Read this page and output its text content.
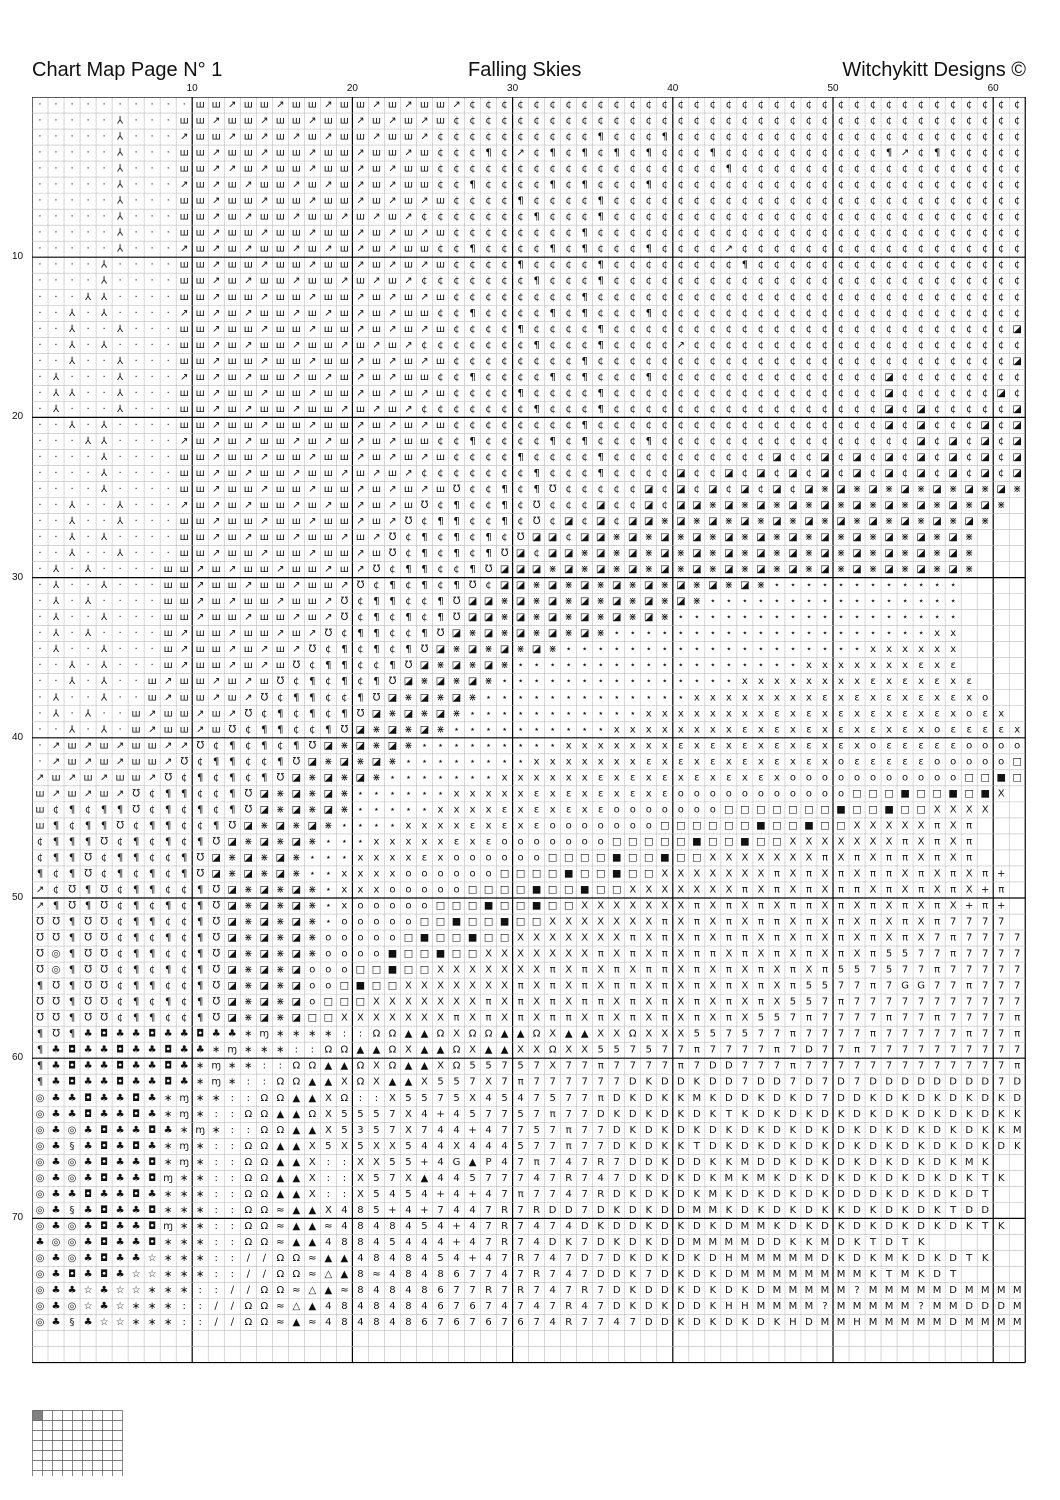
Chart Map Page N° 1	Falling Skies	Witchykitt Designs ©
10	20	30	40	50	60
10
20
30
40
50
60
70
· · · · · · · · · · ш ш ↗ ш ш ↗ ш ш ↗ ш ш ↗ ш ↗ ш ш ↗ ¢ ¢ ¢ ¢ ¢ ¢ ¢ ¢ ¢ ¢ ¢ ¢ ¢ ¢ ¢ ¢ ¢ ¢ ¢ ¢ ¢ ¢ ¢ ¢ ¢ ¢ ¢ ¢ ¢ ¢ ¢ ¢ ¢ ¢ ¢
· · · · · ⅄ · · · ш ш ↗ ш ш ↗ ш ш ↗ ш ш ↗ ш ↗ ш ↗ ш ¢ ¢ ¢ ¢ ¢ ¢ ¢ ¢ ¢ ¢ ¢ ¢ ¢ ¢ ¢ ¢ ¢ ¢ ¢ ¢ ¢ ¢ ¢ ¢ ¢ ¢ ¢ ¢ ¢ ¢ ¢ ¢ ¢ ¢ ¢ ¢
· · · · · ⅄ · · · ↗ ш ш ↗ ш ↗ ш ↗ ш ↗ ш ш ↗ ш ш ↗ ¢ ¢ ¢ ¢ ¢ ¢ ¢ ¢ ¢ ¢ ¶ ¢ ¢ ¢ ¶ ¢ ¢ ¢ ¢ ¢ ¢ ¢ ¢ ¢ ¢ ¢ ¢ ¢ ¢ ¢ ¢ ¢ ¢ ¢ ¢ ¢ ¢
· · · · · ⅄ · · · ш ш ↗ ш ш ↗ ш ш ↗ ш ш ↗ ш ш ↗ ш ¢ ¢ ¢ ¶ ¢ ↗ ¢ ¶ ¢ ¶ ¢ ¶ ¢ ¶ ¢ ¢ ¢ ¶ ¢ ¢ ¢ ¢ ¢ ¢ ¢ ¢ ¢ ¢ ¶ ↗ ¢ ¶ ¢ ¢ ¢ ¢ ¢
· · · · · ⅄ · · · ш ш ↗ ↗ ш ↗ ш ш ↗ ш ш ↗ ш ↗ ш ш ¢ ¢ ¢ ¢ ¢ ¢ ¢ ¢ ¢ ¢ ¢ ¢ ¢ ¢ ¢ ¢ ¢ ¢ ¶ ¢ ¢ ¢ ¢ ¢ ¢ ¢ ¢ ¢ ¢ ¢ ¢ ¢ ¢ ¢ ¢ ¢ ¢
· · · · · ⅄ · · · ↗ ш ↗ ш ↗ ш ш ↗ ш ↗ ш ↗ ш ↗ ш ш ¢ ¢ ¶ ¢ ¢ ¢ ¢ ¶ ¢ ¶ ¢ ¢ ¢ ¶ ¢ ¢ ¢ ¢ ¢ ¢ ¢ ¢ ¢ ¢ ¢ ¢ ¢ ¢ ¢ ¢ ¢ ¢ ¢ ¢ ¢ ¢ ¢
· · · · · ⅄ · · · ш ш ↗ ш ш ↗ ш ш ↗ ш ш ↗ ш ↗ ш ↗ ш ¢ ¢ ¢ ¢ ¶ ¢ ¢ ¢ ¢ ¶ ¢ ¢ ¢ ¢ ¢ ¢ ¢ ¢ ¢ ¢ ¢ ¢ ¢ ¢ ¢ ¢ ¢ ¢ ¢ ¢ ¢ ¢ ¢ ¢ ¢ ¢
· · · · · ⅄ · · · ш ш ↗ ш ↗ ш ш ↗ ш ш ↗ ш ↗ ш ↗ ¢ ¢ ¢ ¢ ¢ ¢ ¢ ¶ ¢ ¢ ¢ ¶ ¢ ¢ ¢ ¢ ¢ ¢ ¢ ¢ ¢ ¢ ¢ ¢ ¢ ¢ ¢ ¢ ¢ ¢ ¢ ¢ ¢ ¢ ¢ ¢ ¢ ¢
· · · · · ⅄ · · · ш ш ↗ ш ш ↗ ш ш ↗ ш ш ↗ ш ↗ ш ↗ ш ¢ ¢ ¢ ¢ ¢ ¢ ¢ ¢ ¶ ¢ ¢ ¢ ¢ ¢ ¢ ¢ ¢ ¢ ¢ ¢ ¢ ¢ ¢ ¢ ¢ ¢ ¢ ¢ ¢ ¢ ¢ ¢ ¢ ¢ ¢ ¢
· · · · · ⅄ · · · ↗ ш ↗ ш ↗ ш ш ↗ ш ↗ ш ↗ ш ↗ ш ш ¢ ¢ ¶ ¢ ¢ ¢ ¢ ¶ ¢ ¶ ¢ ¢ ¢ ¶ ¢ ¢ ¢ ¢ ↗ ¢ ¢ ¢ ¢ ¢ ¢ ¢ ¢ ¢ ¢ ¢ ¢ ¢ ¢ ¢ ¢ ¢ ¢
· · · · ⅄ · · · · ш ш ↗ ш ш ↗ ш ш ↗ ш ш ↗ ш ↗ ш ↗ ш ¢ ¢ ¢ ¢ ¶ ¢ ¢ ¢ ¢ ¶ ¢ ¢ ¢ ¢ ¢ ¢ ¢ ¢ ¶ ¢ ¢ ¢ ¢ ¢ ¢ ¢ ¢ ¢ ¢ ¢ ¢ ¢ ¢ ¢ ¢ ¢
· · · · ⅄ · · · · ш ш ↗ ш ↗ ш ш ↗ ш ш ↗ ш ↗ ш ↗ ¢ ¢ ¢ ¢ ¢ ¢ ¢ ¶ ¢ ¢ ¢ ¶ ¢ ¢ ¢ ¢ ¢ ¢ ¢ ¢ ¢ ¢ ¢ ¢ ¢ ¢ ¢ ¢ ¢ ¢ ¢ ¢ ¢ ¢ ¢ ¢ ¢ ¢
· · · ⅄ ⅄ · · · · ш ш ↗ ш ш ↗ ш ш ↗ ш ш ↗ ш ↗ ш ↗ ш ¢ ¢ ¢ ¢ ¢ ¢ ¢ ¢ ¶ ¢ ¢ ¢ ¢ ¢ ¢ ¢ ¢ ¢ ¢ ¢ ¢ ¢ ¢ ¢ ¢ ¢ ¢ ¢ ¢ ¢ ¢ ¢ ¢ ¢ ¢ ¢
· · ⅄ · ⅄ · · · · ↗ ш ↗ ш ↗ ш ш ↗ ш ↗ ш ↗ ш ↗ ш ш ¢ ¢ ¶ ¢ ¢ ¢ ¢ ¶ ¢ ¶ ¢ ¢ ¢ ¶ ¢ ¢ ¢ ¢ ¢ ¢ ¢ ¢ ¢ ¢ ¢ ¢ ¢ ¢ ¢ ¢ ¢ ¢ ¢ ¢ ¢ ¢ ¢
· · ⅄ · · ⅄ · · · ш ш ↗ ш ш ↗ ш ш ↗ ш ш ↗ ш ↗ ш ↗ ш ¢ ¢ ¢ ¢ ¶ ¢ ¢ ¢ ¢ ¶ ¢ ¢ ¢ ¢ ¢ ¢ ¢ ¢ ¢ ¢ ¢ ¢ ¢ ¢ ¢ ¢ ¢ ¢ ¢ ¢ ¢ ¢ ¢ ¢ ¢ ◪
· · ⅄ · ⅄ · · · · ш ш ↗ ш ↗ ш ш ↗ ш ш ↗ ш ↗ ш ↗ ¢ ¢ ¢ ¢ ¢ ¢ ¢ ¶ ¢ ¢ ¢ ¶ ¢ ¢ ¢ ¢ ↗ ¢ ¢ ¢ ¢ ¢ ¢ ¢ ¢ ¢ ¢ ¢ ¢ ¢ ¢ ¢ ¢ ¢ ¢ ¢ ¢ ¢
· · ⅄ · · ⅄ · · · ш ш ↗ ш ш ↗ ш ш ↗ ш ш ↗ ш ↗ ш ↗ ш ¢ ¢ ¢ ¢ ¢ ¢ ¢ ¢ ¶ ¢ ¢ ¢ ¢ ¢ ¢ ¢ ¢ ¢ ¢ ¢ ¢ ¢ ¢ ¢ ¢ ¢ ¢ ¢ ¢ ¢ ¢ ¢ ¢ ¢ ¢ ◪
· ⅄ · · · ⅄ · · · ↗ ш ↗ ш ↗ ш ш ↗ ш ↗ ш ↗ ш ↗ ш ш ¢ ¢ ¶ ¢ ¢ ¢ ¢ ¶ ¢ ¶ ¢ ¢ ¢ ¶ ¢ ¢ ¢ ¢ ¢ ¢ ¢ ¢ ¢ ¢ ¢ ¢ ¢ ¢ ◪ ¢ ¢ ¢ ¢ ¢ ¢ ¢ ¢
· ⅄ ⅄ · · ⅄ · · · ш ш ↗ ш ш ↗ ш ш ↗ ш ш ↗ ш ↗ ш ↗ ш ¢ ¢ ¢ ¢ ¶ ¢ ¢ ¢ ¢ ¶ ¢ ¢ ¢ ¢ ¢ ¢ ¢ ¢ ¢ ¢ ¢ ¢ ¢ ¢ ¢ ¢ ¢ ◪ ¢ ¢ ¢ ¢ ¢ ¢ ◪ ¢
· ⅄ · · · ⅄ · · · ш ш ↗ ш ↗ ш ш ↗ ш ш ↗ ш ↗ ш ↗ ¢ ¢ ¢ ¢ ¢ ¢ ¢ ¶ ¢ ¢ ¢ ¶ ¢ ¢ ¢ ¢ ¢ ¢ ¢ ¢ ¢ ¢ ¢ ¢ ¢ ¢ ¢ ¢ ¢ ◪ ¢ ◪ ¢ ¢ ¢ ¢ ¢ ◪
· · ⅄ · ⅄ · · · · ш ш ↗ ш ш ↗ ш ш ↗ ш ш ↗ ш ↗ ш ↗ ш ¢ ¢ ¢ ¢ ¢ ¢ ¢ ¢ ¶ ¢ ¢ ¢ ¢ ¢ ¢ ¢ ¢ ¢ ¢ ¢ ¢ ¢ ¢ ¢ ¢ ¢ ¢ ◪ ¢ ◪ ¢ ¢ ¢ ◪ ¢ ◪
· · · ⅄ ⅄ · · · · ↗ ш ↗ ш ↗ ш ш ↗ ш ↗ ш ↗ ш ↗ ш ш ¢ ¢ ¶ ¢ ¢ ¢ ¢ ¶ ¢ ¶ ¢ ¢ ¢ ¶ ¢ ¢ ¢ ¢ ¢ ¢ ¢ ¢ ¢ ¢ ¢ ¢ ¢ ¢ ¢ ¢ ◪ ¢ ◪ ¢ ◪ ¢ ◪
· · · · ⅄ · · · · ш ш ↗ ш ш ↗ ш ш ↗ ш ш ↗ ш ↗ ш ↗ ш ¢ ¢ ¢ ¢ ¶ ¢ ¢ ¢ ¢ ¶ ¢ ¢ ¢ ¢ ¢ ¢ ¢ ¢ ¢ ¢ ◪ ¢ ¢ ◪ ¢ ◪ ¢ ◪ ¢ ◪ ¢ ◪ ¢ ◪ ¢ ◪
· · · · ⅄ · · · · ш ш ↗ ш ↗ ш ш ↗ ш ш ↗ ш ↗ ш ↗ ¢ ¢ ¢ ¢ ¢ ¢ ¢ ¶ ¢ ¢ ¢ ¶ ¢ ¢ ¢ ¢ ◪ ¢ ¢ ◪ ¢ ◪ ¢ ◪ ¢ ◪ ¢ ◪ ¢ ◪ ¢ ◪ ¢ ◪ ¢ ◪ ¢ ◪
· · · · ⅄ · · · · ш ш ↗ ш ш ↗ ш ш ↗ ш ш ↗ ш ↗ ш ↗ ш ℧ ¢ ¢ ¶ ¢ ¶ ℧ ¢ ¢ ¢ ¢ ¢ ◪ ¢ ◪ ¢ ◪ ¢ ◪ ¢ ◪ ¢ ◪ ⋇ ◪ ⋇ ◪ ⋇ ◪ ⋇ ◪ ⋇ ◪ ⋇ ◪ ⋇
· · ⅄ · · ⅄ · · · ↗ ш ↗ ш ↗ ш ш ↗ ш ↗ ш ↗ ш ↗ ш ℧ ¢ ¶ ¢ ¢ ¶ ¢ ℧ ¢ ¢ ¢ ◪ ¢ ¢ ◪ ¢ ◪ ◪ ⋇ ◪ ⋇ ◪ ⋇ ◪ ⋇ ◪ ⋇ ◪ ⋇ ◪ ⋇ ◪ ⋇ ◪ ⋇ ◪ ⋇
· · ⅄ · · ⅄ · · · ш ш ↗ ш ш ↗ ш ш ↗ ш ш ↗ ш ↗ ℧ ¢ ¶ ¶ ¢ ¢ ¶ ¢ ℧ ¢ ◪ ¢ ◪ ¢ ◪ ◪ ⋇ ◪ ⋇ ◪ ⋇ ◪ ⋇ ◪ ⋇ ◪ ⋇ ◪ ⋇ ◪ ⋇ ◪ ⋇ ◪ ⋇ ◪ ⋇
· · ⅄ · ⅄ · · · · ш ш ↗ ш ↗ ш ш ↗ ш ш ↗ ш ↗ ℧ ¢ ¶ ¢ ¶ ¢ ¶ ¢ ℧ ◪ ◪ ¢ ◪ ◪ ⋇ ◪ ⋇ ◪ ⋇ ◪ ⋇ ◪ ⋇ ◪ ⋇ ◪ ⋇ ◪ ⋇ ◪ ⋇ ◪ ⋇ ◪ ⋇ ◪ ⋇
· · ⅄ · · ⅄ · · · ш ш ↗ ш ш ↗ ш ш ↗ ш ш ↗ ш ℧ ¢ ¶ ¢ ¶ ¢ ¶ ℧ ◪ ¢ ◪ ◪ ⋇ ◪ ⋇ ◪ ⋇ ◪ ⋇ ◪ ⋇ ◪ ⋇ ◪ ⋇ ◪ ⋇ ◪ ⋇ ◪ ⋇ ◪ ⋇ ◪ ⋇ ◪ ⋇
· ⅄ · ⅄ · · · · ш ш ↗ ш ↗ ш ш ↗ ш ш ↗ ш ↗ ℧ ¢ ¶ ¶ ¢ ¢ ¶ ℧ ◪ ◪ ◪ ⋇ ◪ ⋇ ◪ ⋇ ◪ ⋇ ◪ ⋇ ◪ ⋇ ◪ ⋇ ◪ ⋇ ◪ ⋇ ◪ ⋇ ◪ ⋇ ◪ ⋇ ◪ ⋇ ◪ ⋇
· ⅄ · · ⅄ · · · ш ш ↗ ш ш ↗ ш ш ↗ ш ш ↗ ℧ ¢ ¶ ¢ ¶ ¢ ¶ ℧ ¢ ◪ ◪ ⋇ ◪ ⋇ ◪ ⋇ ◪ ⋇ ◪ ⋇ ◪ ⋇ ◪ ⋇ ◪ ⋇ ⋆ ⋆ ⋆ ⋆ ⋆ ⋆ ⋆ ⋆ ⋆ ⋆ ⋆ ⋆
· ⅄ · ⅄ · · · · ш ш ↗ ш ↗ ш ш ↗ ш ш ↗ ℧ ¢ ¶ ¶ ¢ ¢ ¶ ℧ ◪ ◪ ⋇ ◪ ⋇ ◪ ⋇ ◪ ⋇ ◪ ⋇ ◪ ⋇ ◪ ⋇ ⋆ ⋆ ⋆ ⋆ ⋆ ⋆ ⋆ ⋆ ⋆ ⋆ ⋆ ⋆ ⋆ ⋆ ⋆ ⋆
· ⅄ · · ⅄ · · · ш ш ↗ ш ш ↗ ш ш ↗ ш ↗ ℧ ¢ ¶ ¢ ¶ ¢ ¶ ℧ ◪ ◪ ⋇ ◪ ⋇ ◪ ⋇ ◪ ⋇ ◪ ⋇ ◪ ⋇ ⋆ ⋆ ⋆ ⋆ ⋆ ⋆ ⋆ ⋆ ⋆ ⋆ ⋆ ⋆ ⋆ ⋆ ⋆ ⋆ ⋆ ⋆
· ⅄ · ⅄ · · · · ш ↗ ш ш ↗ ш ш ↗ ш ↗ ℧ ¢ ¶ ¶ ¢ ¢ ¶ ℧ ◪ ⋇ ◪ ⋇ ◪ ⋇ ◪ ⋇ ◪ ⋇ ⋆ ⋆ ⋆ ⋆ ⋆ ⋆ ⋆ ⋆ ⋆ ⋆ ⋆ ⋆ ⋆ ⋆ ⋆ ⋆ ⋆ ⋆ ⋆ ⋆ x x
· ⅄ · · ⅄ · · · ш ↗ ш ш ↗ ш ↗ ш ↗ ℧ ¢ ¶ ¢ ¶ ¢ ¶ ℧ ◪ ⋇ ◪ ⋇ ◪ ⋇ ◪ ⋇ ⋆ ⋆ ⋆ ⋆ ⋆ ⋆ ⋆ ⋆ ⋆ ⋆ ⋆ ⋆ ⋆ ⋆ ⋆ ⋆ ⋆ ⋆ ⋆ x x x x x x
· · ⅄ · ⅄ · · · ш ↗ ш ш ↗ ш ↗ ш ℧ ¢ ¶ ¶ ¢ ¢ ¶ ℧ ◪ ⋇ ◪ ⋇ ◪ ⋇ ⋆ ⋆ ⋆ ⋆ ⋆ ⋆ ⋆ ⋆ ⋆ ⋆ ⋆ ⋆ ⋆ ⋆ ⋆ ⋆ ⋆ ⋆ x x x x x x x ε x ε
· · ⅄ · ⅄ · · ш ↗ ш ш ↗ ш ↗ ш ℧ ¢ ¶ ¢ ¶ ¢ ¶ ℧ ◪ ⋇ ◪ ⋇ ◪ ⋇ ⋆ ⋆ ⋆ ⋆ ⋆ ⋆ ⋆ ⋆ ⋆ ⋆ ⋆ ⋆ ⋆ ⋆ ⋆ x x x x x x x x ε x ε x ε x ε
· ⅄ · · ⅄ · · ш ↗ ш ш ↗ ш ↗ ℧ ¢ ¶ ¶ ¢ ¢ ¶ ℧ ◪ ⋇ ◪ ⋇ ◪ ⋇ ⋆ ⋆ ⋆ ⋆ ⋆ ⋆ ⋆ ⋆ ⋆ ⋆ ⋆ ⋆ ⋆ x x x x x x x x ε x ε x ε x ε x ε x o
· ⅄ · ⅄ · · ш ↗ ш ш ↗ ш ↗ ℧ ¢ ¶ ¢ ¶ ¢ ¶ ℧ ◪ ⋇ ◪ ⋇ ◪ ⋇ ⋆ ⋆ ⋆ ⋆ ⋆ ⋆ ⋆ ⋆ ⋆ ⋆ ⋆ x x x x x x x x ε x ε x ε x ε x ε x ε x o ε x
· · ⅄ · ⅄ · ш ↗ ш ш ↗ ш ℧ ¢ ¶ ¶ ¢ ¢ ¶ ℧ ◪ ⋇ ◪ ⋇ ◪ ⋇ ⋆ ⋆ ⋆ ⋆ ⋆ ⋆ ⋆ ⋆ ⋆ ⋆ x x x x x x x x ε x ε x ε x ε x ε x ε x o ε ε ε ε x
· ↗ ш ↗ ш ↗ ш ш ↗ ↗ ℧ ¢ ¶ ¢ ¶ ¢ ¶ ℧ ◪ ⋇ ◪ ⋇ ◪ ⋇ ⋆ ⋆ ⋆ ⋆ ⋆ ⋆ ⋆ ⋆ ⋆ x x x x x x x ε x ε x ε x ε x ε x ε x o ε ε ε ε ε o o o o
· ↗ ш ↗ ш ↗ ш ш ↗ ℧ ¢ ¶ ¶ ¢ ¢ ¶ ℧ ◪ ⋇ ◪ ⋇ ◪ ⋇ ⋆ ⋆ ⋆ ⋆ ⋆ ⋆ ⋆ ⋆ x x x x x x x ε x ε x ε x ε x ε x ε x o ε ε ε ε ε o o o o o □
↗ ш ↗ ш ↗ ш ш ↗ ℧ ¢ ¶ ¢ ¶ ¢ ¶ ℧ ◪ ⋇ ◪ ⋇ ◪ ⋇ ⋆ ⋆ ⋆ ⋆ ⋆ ⋆ ⋆ x x x x x x ε x ε x ε x ε x ε x ε x o o o o o o o o o o o □ □ ■ □
ш ↗ ш ↗ ш ↗ ℧ ¢ ¶ ¶ ¢ ¢ ¶ ℧ ◪ ⋇ ◪ ⋇ ◪ ⋇ ⋆ ⋆ ⋆ ⋆ ⋆ ⋆ x x x x x ε x ε x ε x ε x ε o o o o o o o o o o o □ □ □ ■ □ □ ■ □ ■ X
ш ¢ ¶ ¢ ¶ ¶ ℧ ¢ ¶ ¢ ¶ ¢ ¶ ℧ ◪ ⋇ ◪ ⋇ ◪ ⋇ ⋆ ⋆ ⋆ ⋆ ⋆ x x x x ε x ε x ε x ε o o o o o o o □ □ □ □ □ □ □ ■ □ □ ■ □ □ X X X X
ш ¶ ¢ ¶ ¶ ℧ ¢ ¶ ¶ ¢ ¢ ¶ ℧ ◪ ⋇ ◪ ⋇ ◪ ⋇ ⋆ ⋆ ⋆ ⋆ x x x x ε x ε x ε o o o o o o o □ □ □ □ □ □ ■ □ □ ■ □ □ X X X X X π X π
¢ ¶ ¶ ¶ ℧ ¢ ¶ ¢ ¶ ¢ ¶ ℧ ◪ ⋇ ◪ ⋇ ◪ ⋇ ⋆ ⋆ ⋆ x x x x x ε x ε o o o o o o o □ □ □ □ □ ■ □ □ ■ □ □ X X X X X X X π X π X π
¢ ¶ ¶ ℧ ¢ ¶ ¶ ¢ ¢ ¶ ℧ ◪ ⋇ ◪ ⋇ ◪ ⋇ ⋆ ⋆ ⋆ x x x x ε x o o o o o o □ □ □ □ ■ □ □ ■ □ □ X X X X X X X π X π X π π X π X π
¶ ¢ ¶ ℧ ¢ ¶ ¢ ¶ ¢ ¶ ℧ ◪ ⋇ ◪ ⋇ ◪ ⋇ ⋆ ⋆ x x x x o o o o o o □ □ □ □ ■ □ □ ■ □ □ X X X X X X X π X π X π X π π X π X π X π +
↗ ¢ ℧ ¶ ℧ ¢ ¶ ¶ ¢ ¢ ¶ ℧ ◪ ⋇ ◪ ⋇ ◪ ⋇ ⋆ x x x o o o o o □ □ □ □ ■ □ □ ■ □ □ X X X X X X X π X π X π X π π X π X π X π X + π
↗ ¶ ℧ ¶ ℧ ¢ ¶ ¢ ¶ ¢ ¶ ℧ ◪ ⋇ ◪ ⋇ ◪ ⋇ ⋆ x o o o o o □ □ □ ■ □ □ ■ □ □ X X X X X X X π X π X π X π π X π X π X π X π X + π +
℧ ℧ ¶ ℧ ℧ ¢ ¶ ¶ ¢ ¢ ¶ ℧ ◪ ⋇ ◪ ⋇ ◪ ⋇ ⋆ o o o o o □ □ ■ □ □ ■ □ □ X X X X X X X π X π X π X π π X π X π X π X π X π 7 7 7 7
℧ ℧ ¶ ℧ ℧ ¢ ¶ ¢ ¶ ¢ ¶ ℧ ◪ ⋇ ◪ ⋇ ◪ ⋇ o o o o o □ ■ □ □ ■ □ □ X X X X X X X π X π X π X π π X π X π X π X π X π X 7 π 7 7 7 7
℧ ◎ ¶ ℧ ℧ ¢ ¶ ¶ ¢ ¢ ¶ ℧ ◪ ⋇ ◪ ⋇ ◪ ⋇ o o o o ■ □ □ ■ □ □ X X X X X X X π X π X π X π π X π X π X π X π X π 5 5 7 7 π 7 7 7 7
℧ ◎ ¶ ℧ ℧ ¢ ¶ ¢ ¶ ¢ ¶ ℧ ◪ ⋇ ◪ ⋇ ◪ o o o □ □ ■ □ □ X X X X X X X π X π X π X π π X π X π X π X π X π 5 5 7 5 7 7 π 7 7 7 7 7
¶ ℧ ¶ ℧ ℧ ¢ ¶ ¶ ¢ ¢ ¶ ℧ ◪ ⋇ ◪ ⋇ ◪ o o □ ■ □ □ X X X X X X X π X π X π X π π X π X π X π X π X π 5 5 7 7 π 7 G G 7 7 π 7 7 7
℧ ℧ ¶ ℧ ℧ ¢ ¶ ¢ ¶ ¢ ¶ ℧ ◪ ⋇ ◪ ⋇ ◪ o □ □ □ X X X X X X X π X π X π X π π X π X π X π X π X π X 5 5 7 π 7 7 7 7 7 7 7 7 7 7 7
℧ ℧ ¶ ℧ ℧ ¢ ¶ ¶ ¢ ¢ ¶ ℧ ◪ ⋇ ◪ ⋇ ◪ □ □ X X X X X X X π X π X π X π π X π X π X π X π X π X 5 5 7 π 7 7 7 7 π 7 7 π 7 7 7 7 π
¶ ℧ ¶ ♣ ◘ ♣ ♣ ◘ ♣ ♣ ◘ ♣ ♣ ∗ ɱ ∗ ∗ ∗ ∗ : : Ω Ω ▲ ▲ Ω X Ω Ω ▲ ▲ Ω X ▲ ▲ X X Ω X X X 5 5 7 5 7 7 π 7 7 7 7 π 7 7 7 7 7 π 7 7 π
¶ ♣ ◘ ♣ ♣ ◘ ♣ ♣ ◘ ♣ ♣ ∗ ɱ ∗ ∗ ∗ : : Ω Ω ▲ ▲ Ω X ▲ ▲ Ω X ▲ ▲ X X Ω X X 5 5 7 5 7 7 π 7 7 7 7 π 7 D 7 7 π 7 7 7 7 7 7 7 7 7 7
¶ ♣ ◘ ♣ ♣ ◘ ♣ ♣ ◘ ♣ ∗ ɱ ∗ ∗ : : Ω Ω ▲ ▲ Ω X Ω ▲ ▲ X Ω 5 5 7 5 7 X 7 7 π 7 7 7 7 π 7 D D 7 7 7 π 7 7 7 7 7 7 7 7 7 7 7 7 7 π
¶ ♣ ◘ ♣ ♣ ◘ ♣ ♣ ◘ ♣ ∗ ɱ ∗ : : Ω Ω ▲ ▲ X Ω X ▲ ▲ X 5 5 7 X 7 π 7 7 7 7 7 7 D K D D K D D 7 D D 7 D 7 D 7 D D D D D D D D 7 D
◎ ♣ ♣ ◘ ♣ ♣ ◘ ♣ ∗ ɱ ∗ ∗ : : Ω Ω ▲ ▲ X Ω : : X 5 5 7 5 X 4 5 4 7 5 7 7 π D K D K K M K D D K D K D 7 D D K D K D K D K D K D
◎ ♣ ♣ ◘ ♣ ♣ ◘ ♣ ∗ ɱ ∗ : : Ω Ω ▲ ▲ Ω X 5 5 5 7 X 4 + 4 5 7 7 5 7 π 7 7 D K D K D K D K T K D K D K D K D K D K D K D K D K K
◎ ♣ ◎ ♣ ◘ ♣ ♣ ◘ ♣ ∗ ɱ ∗ : : Ω Ω ▲ ▲ X 5 3 5 7 X 7 4 4 + 4 7 7 5 7 π 7 7 D K D K D K D K D K D K D K D K D K D K D K D K K M
◎ ♣ § ♣ ◘ ♣ ◘ ♣ ∗ ɱ ∗ : : Ω Ω ▲ ▲ X 5 X 5 X X 5 4 4 X 4 4 4 5 7 7 π 7 7 D K D K K T D K D K D K D K D K D K D K D K D K D K
◎ ♣ ◎ ♣ ◘ ♣ ♣ ◘ ∗ ɱ ∗ : : Ω Ω ▲ ▲ X : : X X 5 5 + 4 G ▲ P 4 7 π 7 4 7 R 7 D D K D D K K M D D K D K D K D K D K D K M K
◎ ♣ ◎ ♣ ◘ ♣ ♣ ◘ ɱ ∗ ∗ : : Ω Ω ▲ ▲ X : : X 5 7 X ▲ 4 4 5 7 7 7 4 7 R 7 4 7 D K D K D K M K M K D K D K D K D K D K D K T K
◎ ♣ ♣ ◘ ♣ ♣ ◘ ♣ ∗ ∗ ∗ : : Ω Ω ▲ ▲ X : : X 5 4 5 4 + 4 + 4 7 π 7 7 4 7 R D K D K D K M K D K D K D K D D D K D K D K D T
◎ ♣ § ♣ ◘ ♣ ♣ ◘ ∗ ∗ ∗ : : Ω Ω ≈ ▲ ▲ X 4 8 5 + 4 + 7 4 4 7 R 7 R D D 7 D K D K D D M M K D K D K D K K D K D K D K T D D
◎ ♣ ◎ ♣ ◘ ♣ ♣ ◘ ɱ ∗ ∗ : : Ω Ω ≈ ▲ ▲ ≈ 4 8 4 8 4 5 4 + 4 7 R 7 4 7 4 D K D D K D K D K D M M K D K D K D K D K D K D K T K
♣ ◎ ◎ ♣ ◘ ♣ ♣ ◘ ∗ ∗ ∗ : : Ω Ω ≈ ▲ ▲ 4 8 8 4 5 4 4 4 + 4 7 R 7 4 D K 7 D K D K D D M M M M D D K K M D K T D T K
◎ ♣ ◎ ♣ ◘ ♣ ♣ ☆ ∗ ∗ ∗ : : ∕ ∕ Ω Ω ≈ ▲ ▲ 4 8 4 8 4 5 4 + 4 7 R 7 4 7 D 7 D K D K D K D H M M M M M D K D K M K D K D T K
◎ ♣ ◘ ♣ ◘ ♣ ☆ ☆ ∗ ∗ ∗ : : ∕ ∕ Ω Ω ≈ △ ▲ 8 ≈ 4 8 4 8 6 7 7 4 7 R 7 4 7 D D K 7 D K D K D M M M M M M M M K T M K D T
◎ ♣ ♣ ☆ ♣ ☆ ☆ ∗ ∗ ∗ : : ∕ ∕ Ω Ω ≈ △ ▲ ≈ 8 4 8 4 8 6 7 7 R 7 R 7 4 7 R 7 D K D D K D K D K D M M M M M ? M M M M M D M M M M
◎ ♣ ◎ ☆ ♣ ☆ ∗ ∗ ∗ : : ∕ ∕ Ω Ω ≈ △ ▲ 4 8 4 8 4 8 4 6 7 6 7 4 7 4 7 R 4 7 D K D K D D K H H M M M M ? M M M M M ? M M D D D M
◎ ♣ § ♣ ☆ ☆ ∗ ∗ ∗ : : ∕ ∕ Ω Ω ≈ ▲ ≈ 4 8 4 8 4 8 6 7 6 7 6 7 6 7 4 R 7 7 4 7 D D K D K D K D K H D M M H M M M M M D M M M M
